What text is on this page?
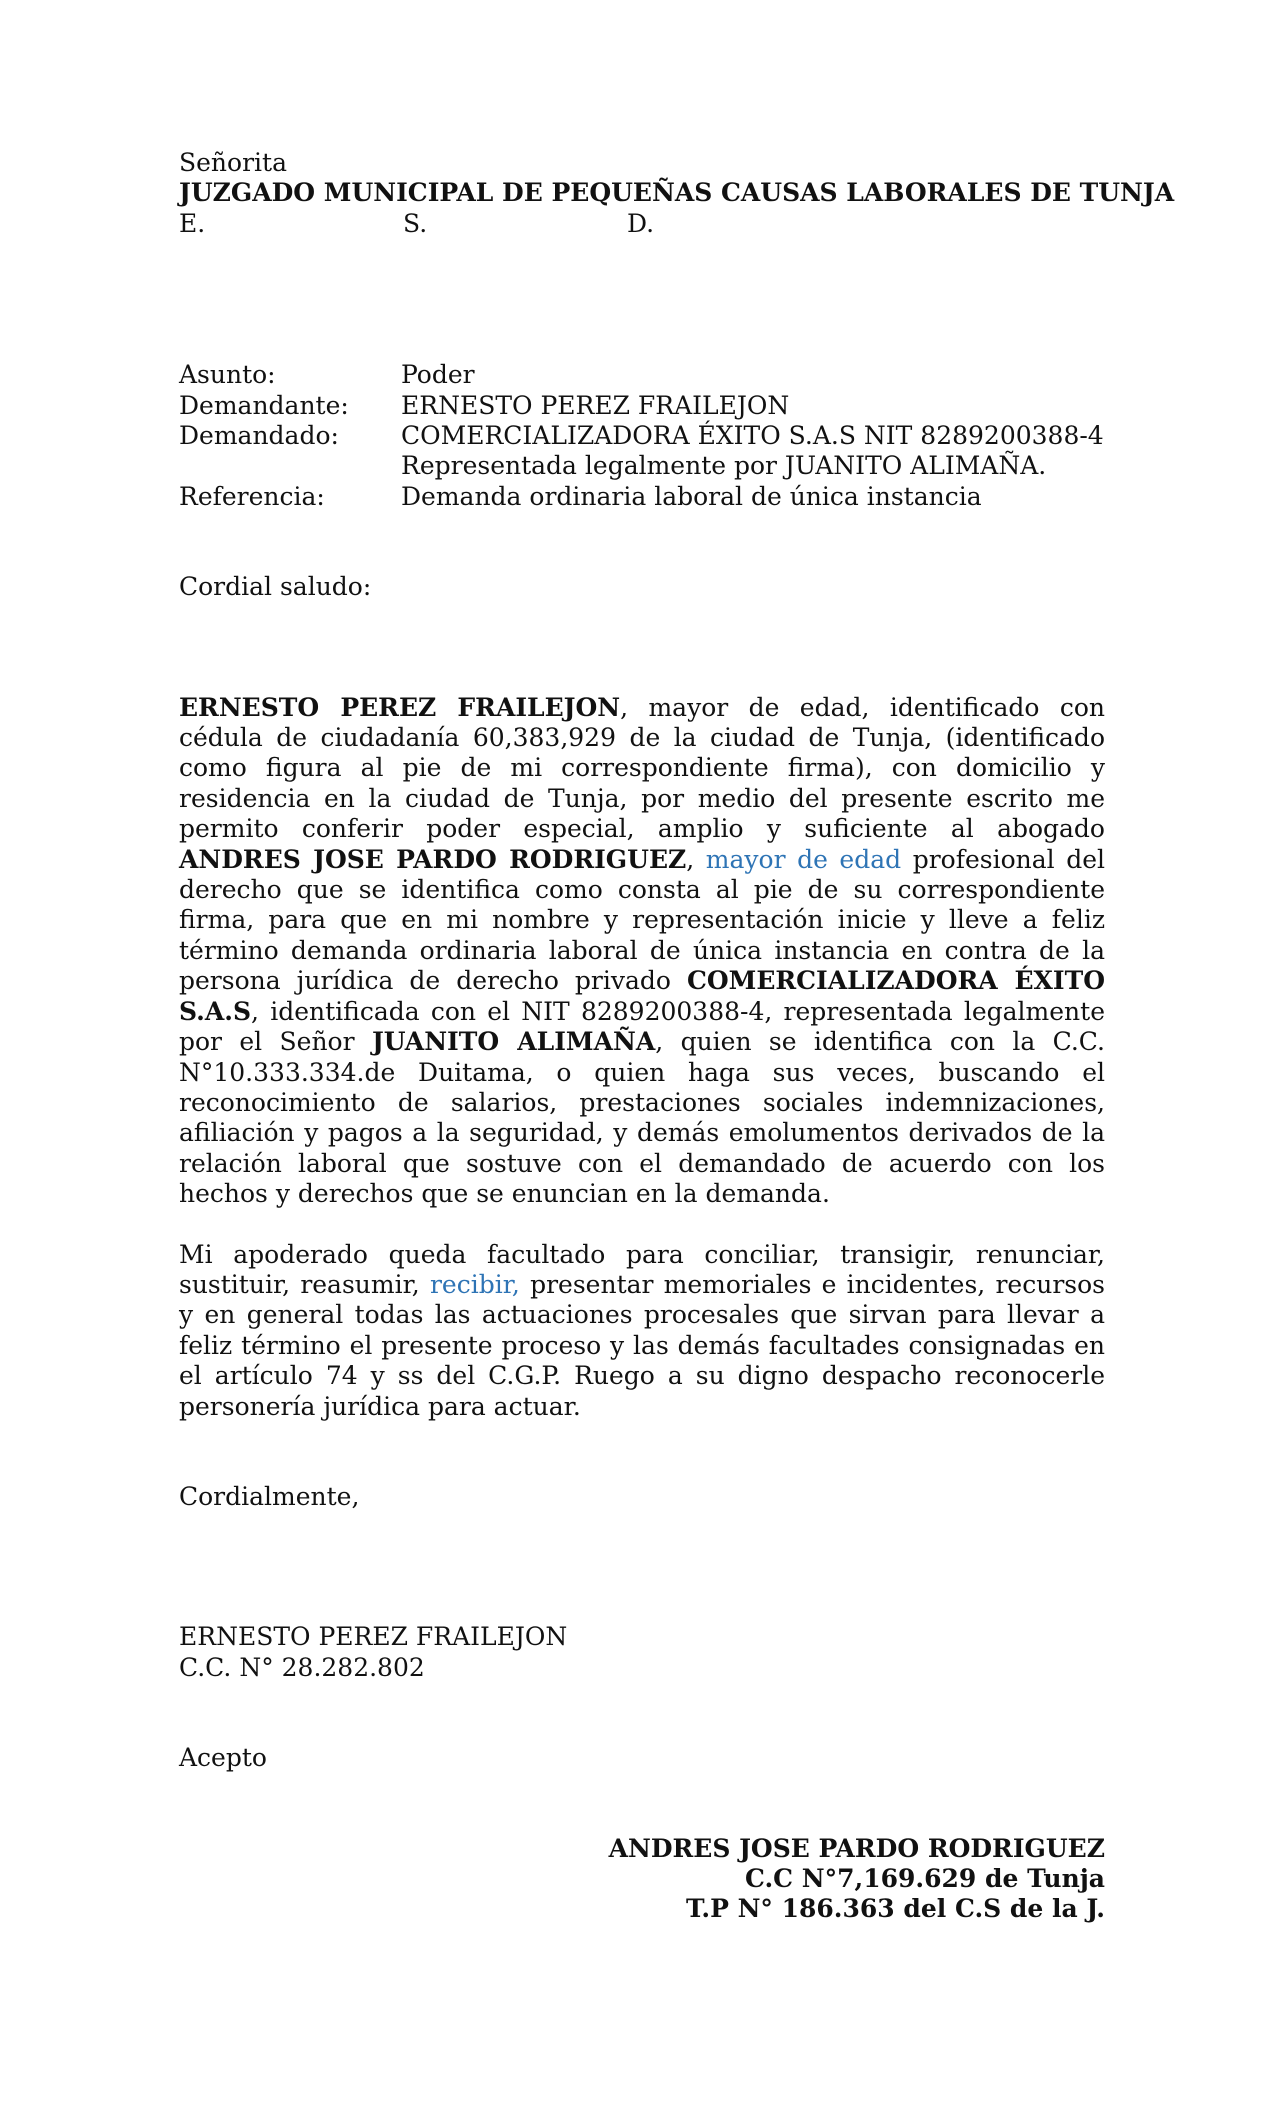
Señorita
JUZGADO MUNICIPAL DE PEQUEÑAS CAUSAS LABORALES DE TUNJA
E.	S.	D.
Asunto:	Poder
Demandante:	ERNESTO PEREZ FRAILEJON
Demandado:	COMERCIALIZADORA ÉXITO S.A.S NIT 8289200388-4
Representada legalmente por JUANITO ALIMAÑA.
Referencia:	Demanda ordinaria laboral de única instancia
Cordial saludo:

ERNESTO PEREZ FRAILEJON, mayor de edad, identificado con cédula de ciudadanía 60,383,929 de la ciudad de Tunja, (identificado como figura al pie de mi correspondiente firma), con domicilio y residencia en la ciudad de Tunja, por medio del presente escrito me permito conferir poder especial, amplio y suficiente al abogado ANDRES JOSE PARDO RODRIGUEZ, mayor de edad profesional del derecho que se identifica como consta al pie de su correspondiente firma, para que en mi nombre y representación inicie y lleve a feliz término demanda ordinaria laboral de única instancia en contra de la persona jurídica de derecho privado COMERCIALIZADORA ÉXITO S.A.S, identificada con el NIT 8289200388-4, representada legalmente por el Señor JUANITO ALIMAÑA, quien se identifica con la C.C. N°10.333.334.de Duitama, o quien haga sus veces, buscando el reconocimiento de salarios, prestaciones sociales indemnizaciones, afiliación y pagos a la seguridad, y demás emolumentos derivados de la relación laboral que sostuve con el demandado de acuerdo con los hechos y derechos que se enuncian en la demanda.

Mi apoderado queda facultado para conciliar, transigir, renunciar, sustituir, reasumir, recibir, presentar memoriales e incidentes, recursos y en general todas las actuaciones procesales que sirvan para llevar a feliz término el presente proceso y las demás facultades consignadas en el artículo 74 y ss del C.G.P. Ruego a su digno despacho reconocerle personería jurídica para actuar.

Cordialmente,
ERNESTO PEREZ FRAILEJON
C.C. N° 28.282.802
Acepto
ANDRES JOSE PARDO RODRIGUEZ
C.C N°7,169.629 de Tunja
T.P N° 186.363 del C.S de la J.
